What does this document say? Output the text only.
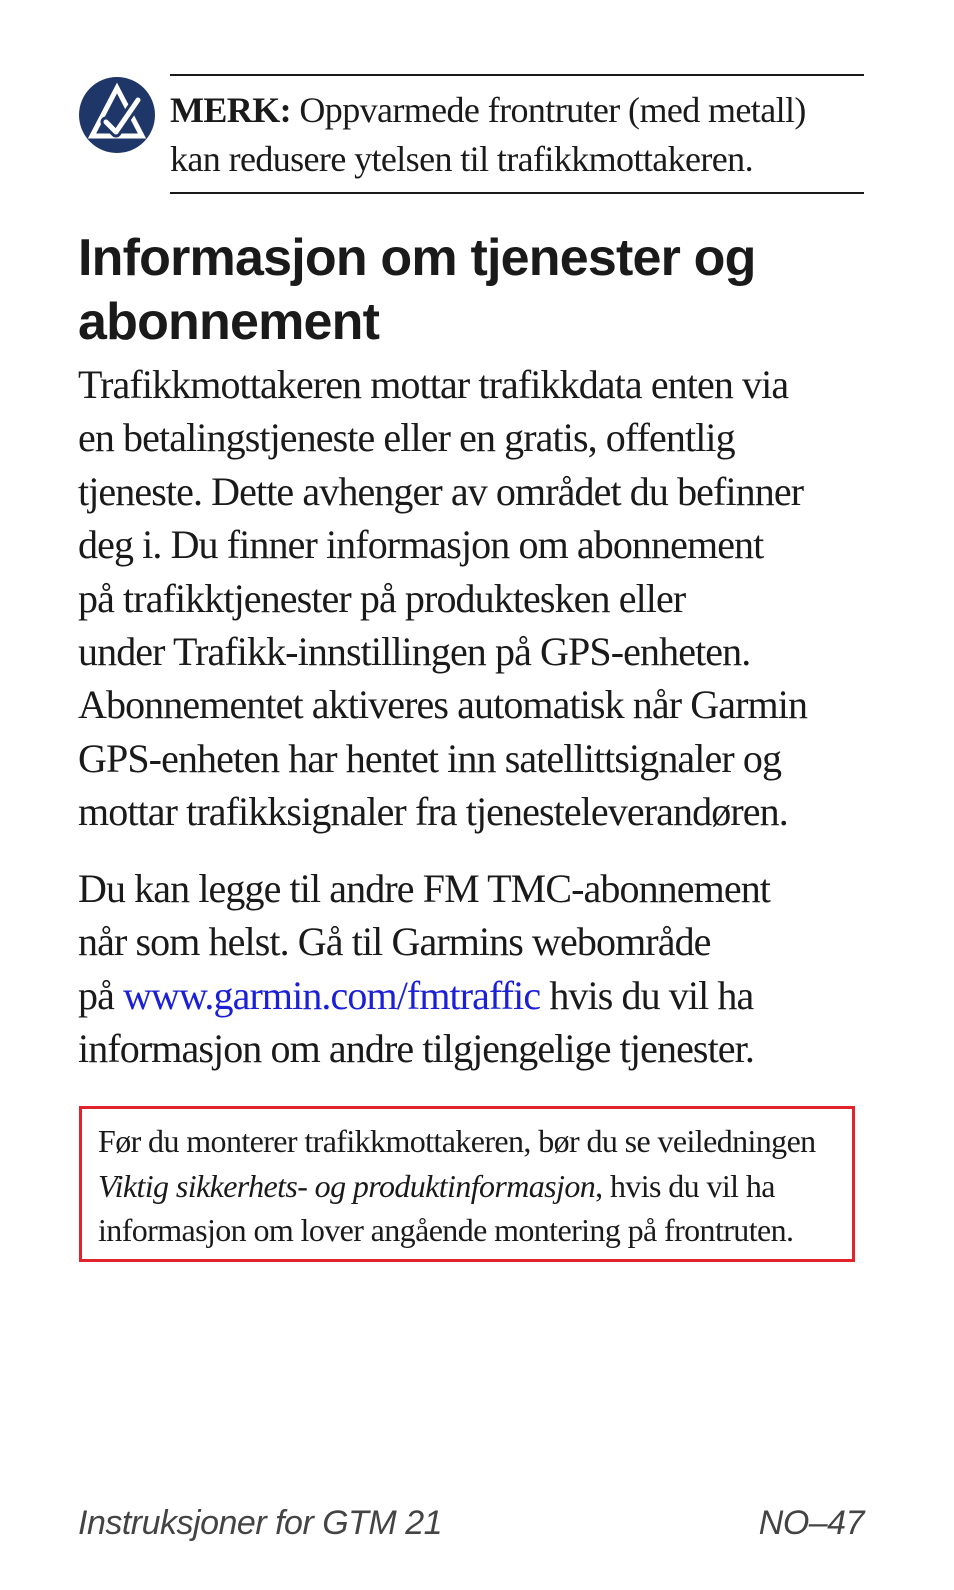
MERK: Oppvarmede frontruter (med metall)
kan redusere ytelsen til trafikkmottakeren.

Informasjon om tjenester og
abonnement

Trafikkmottakeren mottar trafikkdata enten via
en betalingstjeneste eller en gratis, offentlig
tjeneste. Dette avhenger av området du befinner
deg i. Du finner informasjon om abonnement
på trafikktjenester på produktesken eller
under Trafikk-innstillingen på GPS-enheten.
Abonnementet aktiveres automatisk når Garmin
GPS-enheten har hentet inn satellittsignaler og
mottar trafikksignaler fra tjenesteleverandøren.

Du kan legge til andre FM TMC-abonnement
når som helst. Gå til Garmins webområde
på www.garmin.com/fmtraffic hvis du vil ha
informasjon om andre tilgjengelige tjenester.

Før du monterer trafikkmottakeren, bør du se veiledningen
Viktig sikkerhets- og produktinformasjon, hvis du vil ha
informasjon om lover angående montering på frontruten.

Instruksjoner for GTM 21	NO–47
